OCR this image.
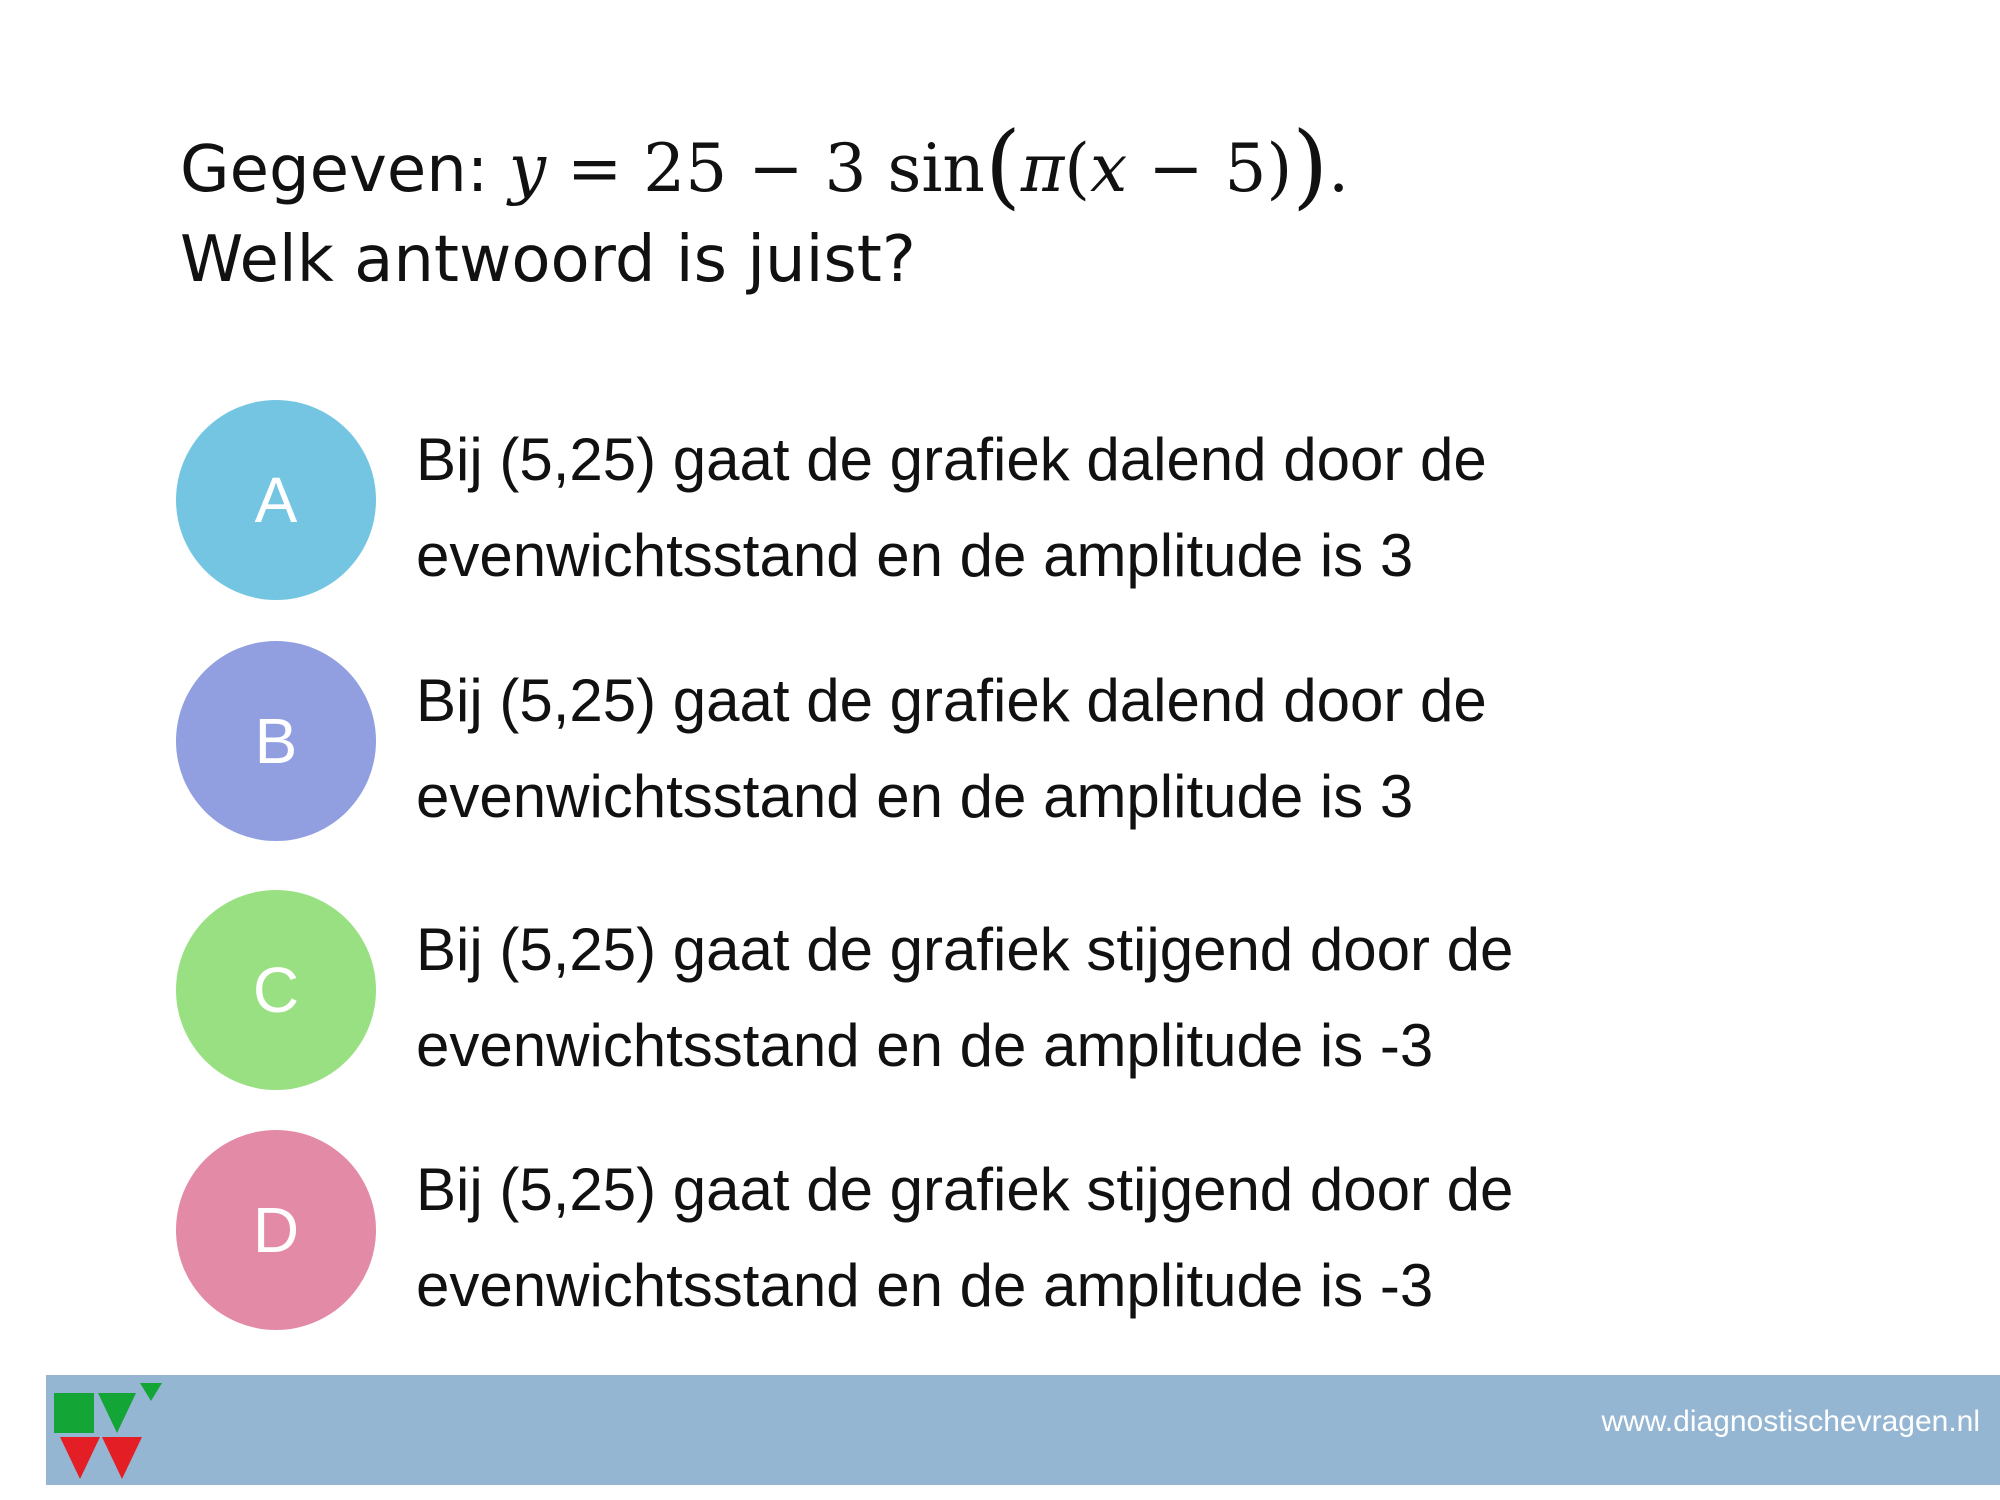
Gegeven: y = 25 − 3 sin(π(x − 5)).
Welk antwoord is juist?
A
Bij (5,25) gaat de grafiek dalend door de
evenwichtsstand en de amplitude is 3
B
Bij (5,25) gaat de grafiek dalend door de
evenwichtsstand en de amplitude is 3
C
Bij (5,25) gaat de grafiek stijgend door de
evenwichtsstand en de amplitude is -3
D
Bij (5,25) gaat de grafiek stijgend door de
evenwichtsstand en de amplitude is -3
www.diagnostischevragen.nl
